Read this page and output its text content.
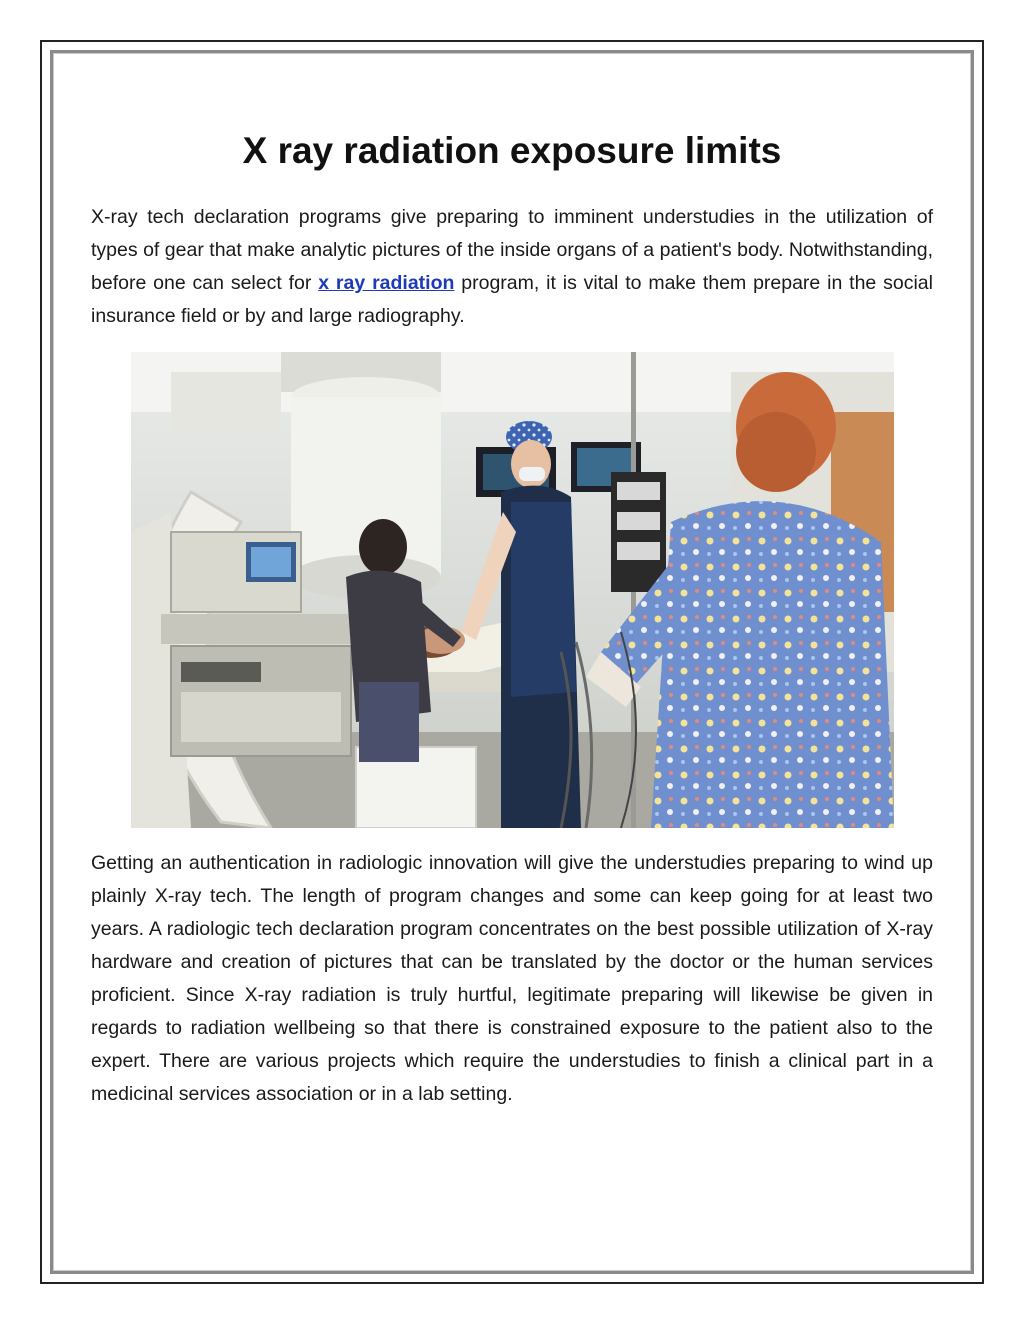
X ray radiation exposure limits

X-ray tech declaration programs give preparing to imminent understudies in the utilization of types of gear that make analytic pictures of the inside organs of a patient's body. Notwithstanding, before one can select for x ray radiation program, it is vital to make them prepare in the social insurance field or by and large radiography.

Getting an authentication in radiologic innovation will give the understudies preparing to wind up plainly X-ray tech. The length of program changes and some can keep going for at least two years. A radiologic tech declaration program concentrates on the best possible utilization of X-ray hardware and creation of pictures that can be translated by the doctor or the human services proficient. Since X-ray radiation is truly hurtful, legitimate preparing will likewise be given in regards to radiation wellbeing so that there is constrained exposure to the patient also to the expert. There are various projects which require the understudies to finish a clinical part in a medicinal services association or in a lab setting.
